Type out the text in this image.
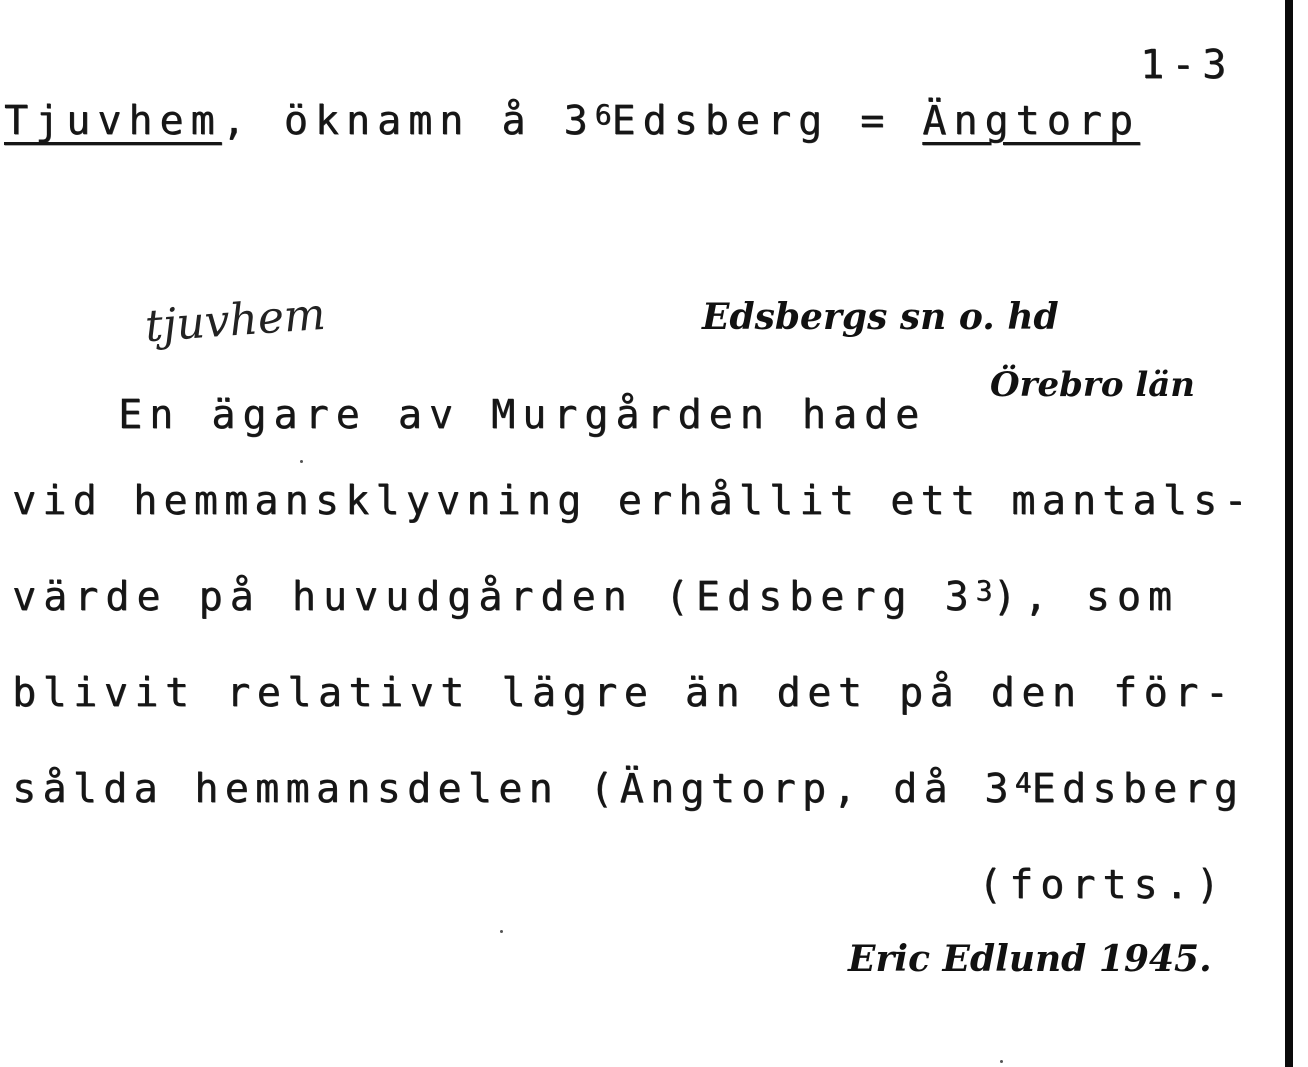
1-3
Tjuvhem, öknamn å $3^6Edsberg$ = Ängtorp
tjuvhem	Edsbergs sn o. hd
Örebro län
En ägare av Murgården hade
vid hemmansklyvning erhållit ett mantals-
värde på huvudgården (Edsberg $3^3$), som
blivit relativt lägre än det på den för-
sålda hemmansdelen (Ängtorp, då $3^4Edsberg$
(forts.)
Eric Edlund 1945.
